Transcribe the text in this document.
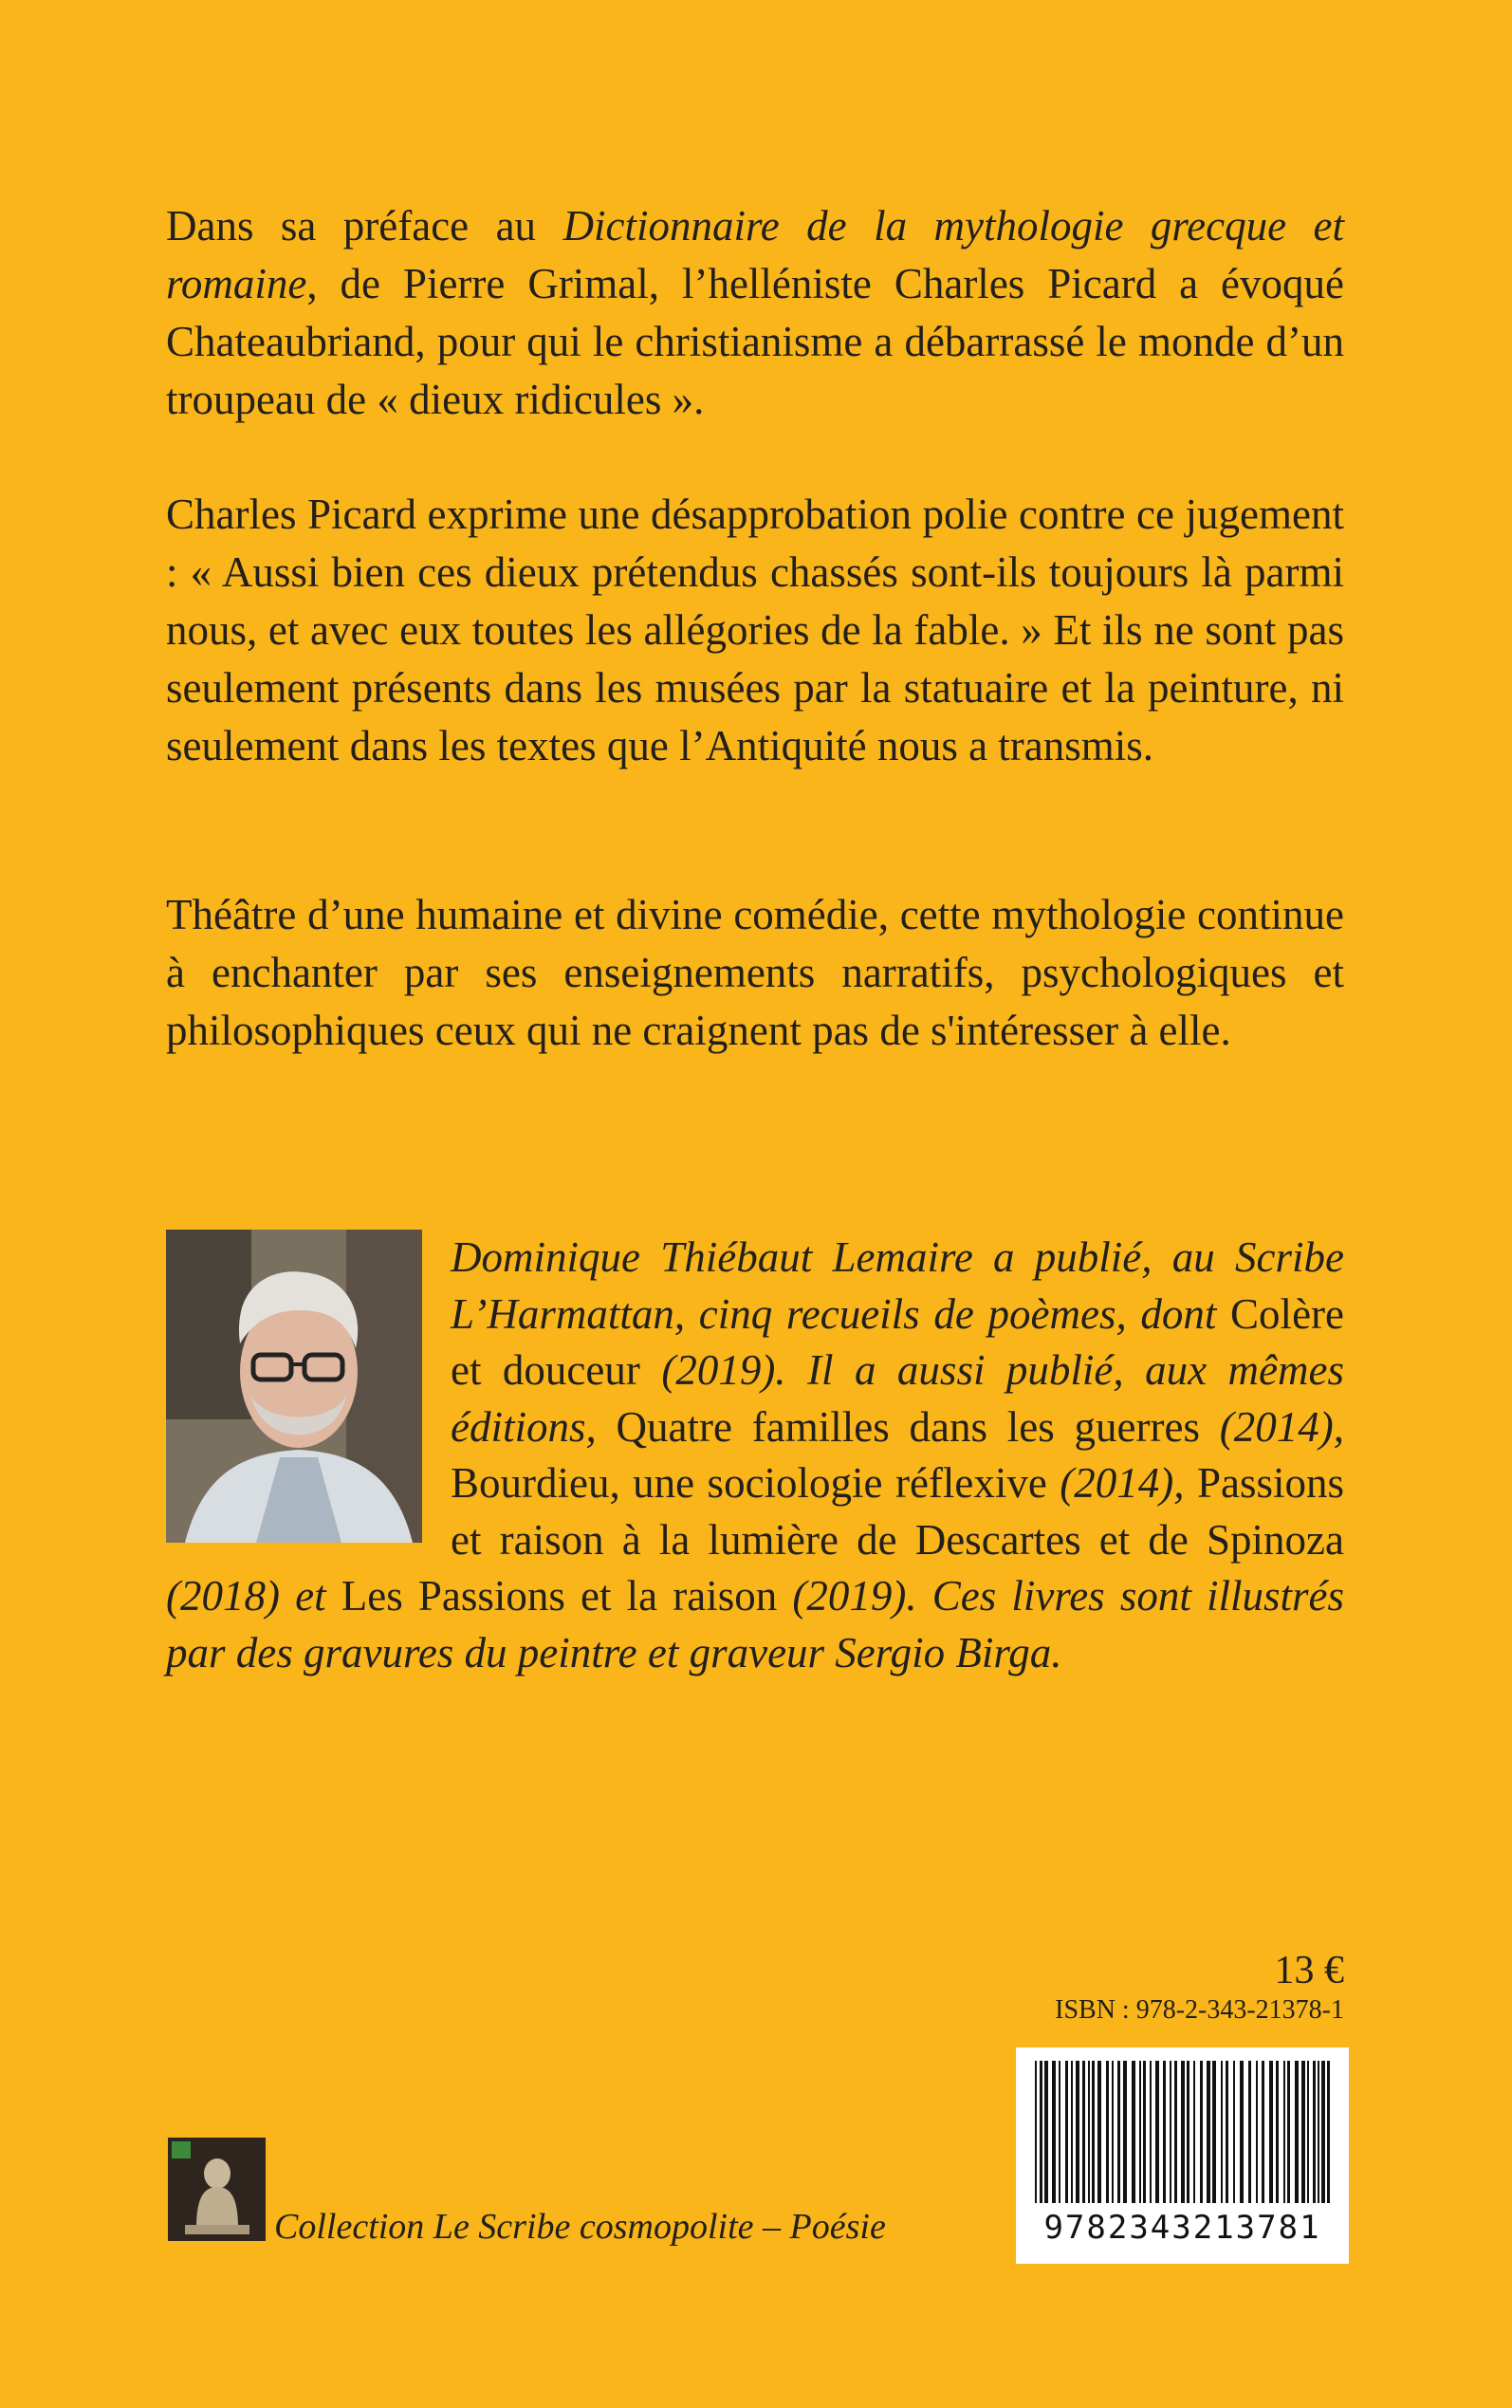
Dans sa préface au Dictionnaire de la mythologie grecque et romaine, de Pierre Grimal, l’helléniste Charles Picard a évoqué Chateaubriand, pour qui le christianisme a débarrassé le monde d’un troupeau de « dieux ridicules ».

Charles Picard exprime une désapprobation polie contre ce jugement : « Aussi bien ces dieux prétendus chassés sont-ils toujours là parmi nous, et avec eux toutes les allégories de la fable. » Et ils ne sont pas seulement présents dans les musées par la statuaire et la peinture, ni seulement dans les textes que l’Antiquité nous a transmis.

Théâtre d’une humaine et divine comédie, cette mythologie continue à enchanter par ses enseignements narratifs, psychologiques et philosophiques ceux qui ne craignent pas de s'intéresser à elle.

Dominique Thiébaut Lemaire a publié, au Scribe L’Harmattan, cinq recueils de poèmes, dont Colère et douceur (2019). Il a aussi publié, aux mêmes éditions, Quatre familles dans les guerres (2014), Bourdieu, une sociologie réflexive (2014), Passions et raison à la lumière de Descartes et de Spinoza (2018) et Les Passions et la raison (2019). Ces livres sont illustrés par des gravures du peintre et graveur Sergio Birga.

13 €
ISBN : 978-2-343-21378-1
9782343213781
Collection Le Scribe cosmopolite – Poésie
